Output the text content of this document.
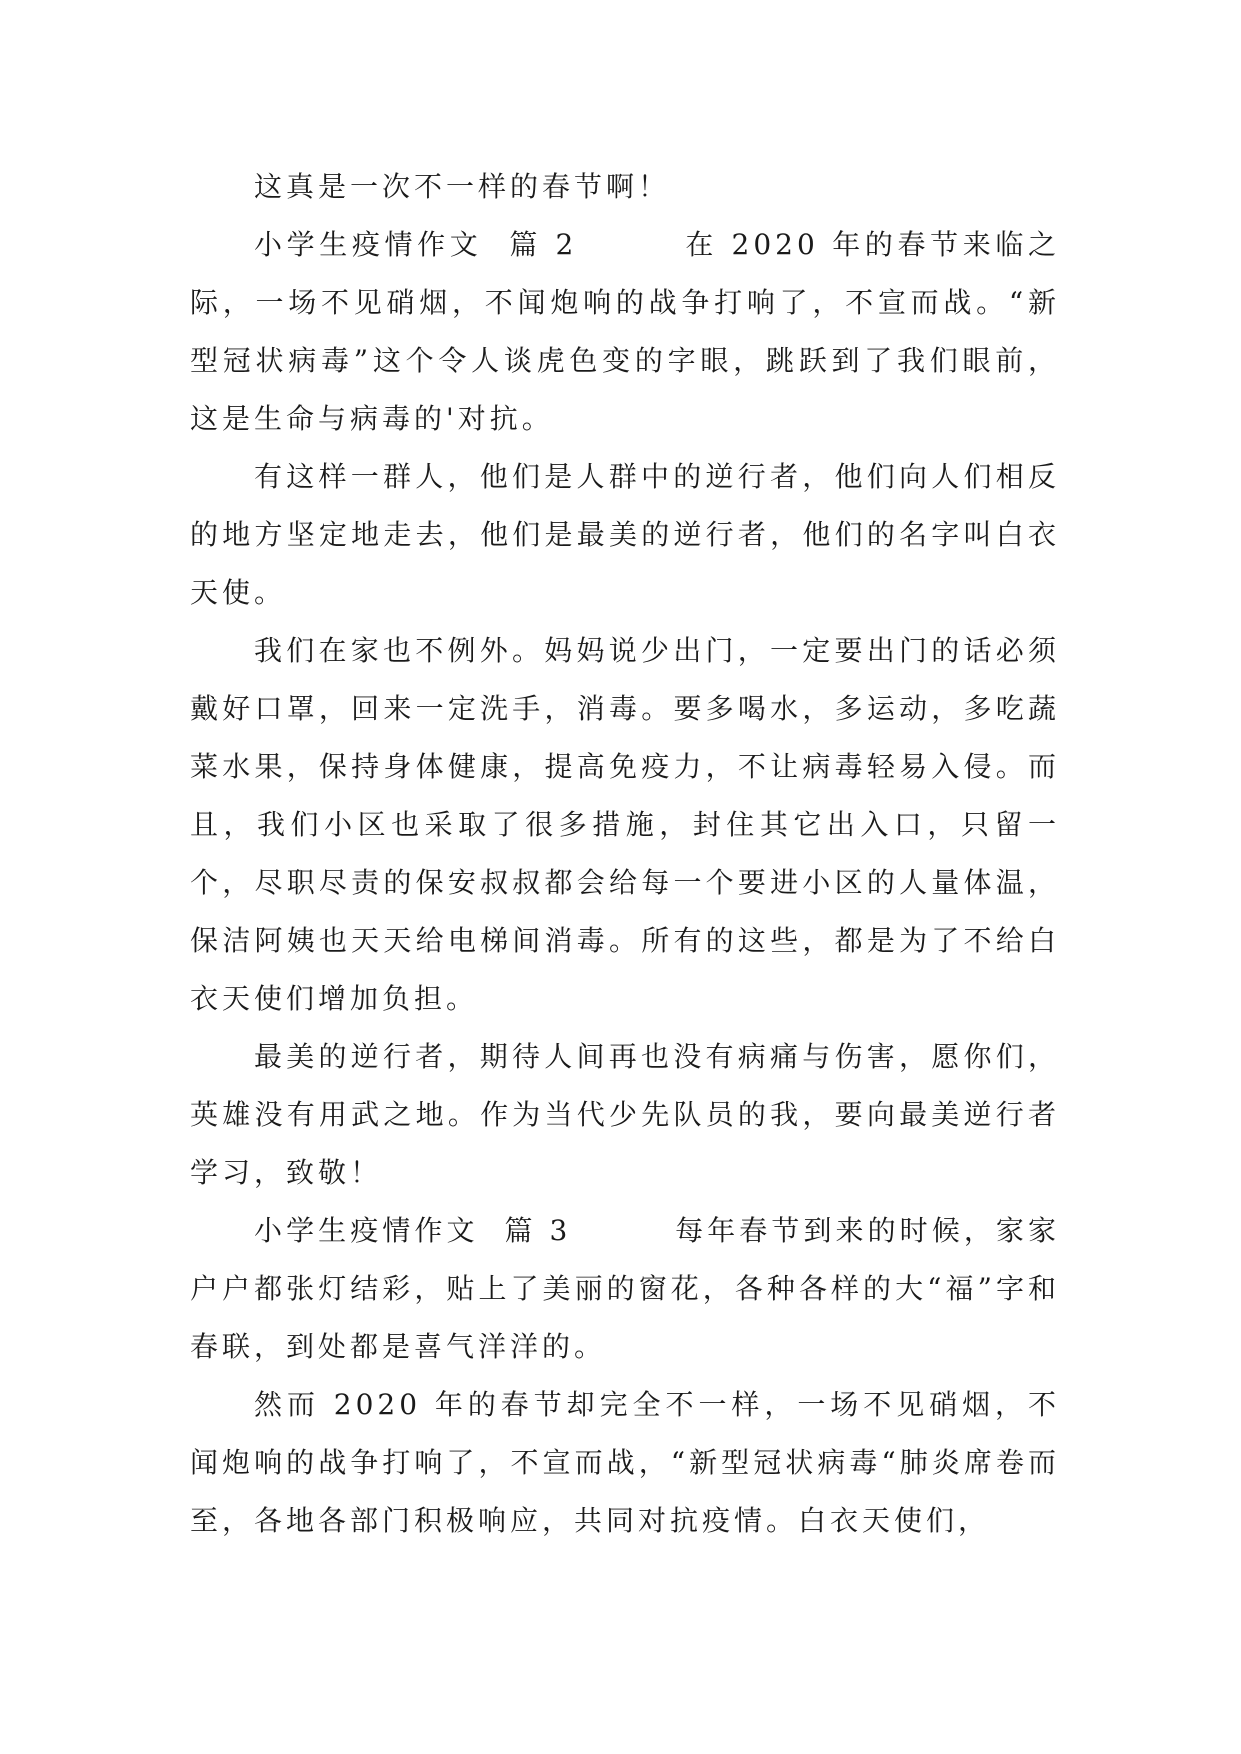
这真是一次不一样的春节啊！

小学生疫情作文  篇 2        在 2020 年的春节来临之际，一场不见硝烟，不闻炮响的战争打响了，不宣而战。“新型冠状病毒”这个令人谈虎色变的字眼，跳跃到了我们眼前，这是生命与病毒的'对抗。

有这样一群人，他们是人群中的逆行者，他们向人们相反的地方坚定地走去，他们是最美的逆行者，他们的名字叫白衣天使。

我们在家也不例外。妈妈说少出门，一定要出门的话必须戴好口罩，回来一定洗手，消毒。要多喝水，多运动，多吃蔬菜水果，保持身体健康，提高免疫力，不让病毒轻易入侵。而且，我们小区也采取了很多措施，封住其它出入口，只留一个，尽职尽责的保安叔叔都会给每一个要进小区的人量体温，保洁阿姨也天天给电梯间消毒。所有的这些，都是为了不给白衣天使们增加负担。

最美的逆行者，期待人间再也没有病痛与伤害，愿你们，英雄没有用武之地。作为当代少先队员的我，要向最美逆行者学习，致敬！

小学生疫情作文  篇 3        每年春节到来的时候，家家户户都张灯结彩，贴上了美丽的窗花，各种各样的大“福”字和春联，到处都是喜气洋洋的。

然而 2020 年的春节却完全不一样，一场不见硝烟，不闻炮响的战争打响了，不宣而战，“新型冠状病毒“肺炎席卷而至，各地各部门积极响应，共同对抗疫情。白衣天使们，
